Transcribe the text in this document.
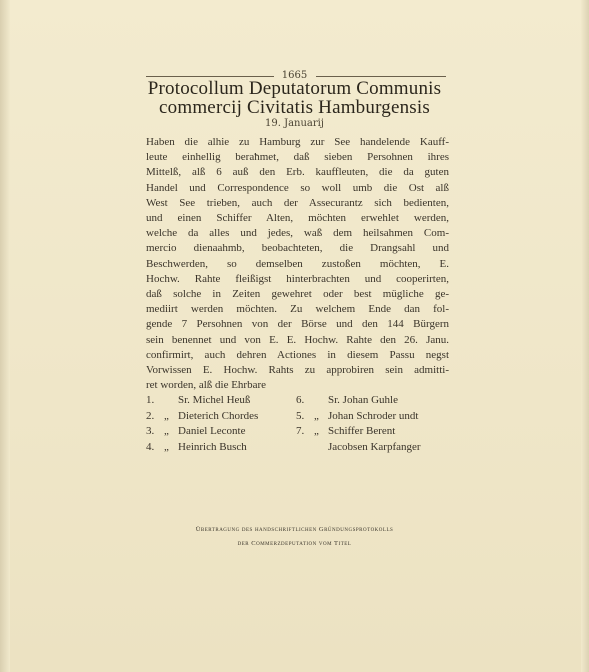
1665
Protocollum Deputatorum Communis
commercij Civitatis Hamburgensis
19. Januarij
Haben die alhie zu Hamburg zur See handelende Kauff-
leute einhellig beraħmet, daß sieben Persohnen ihres
Mittelß, alß 6 auß den Erb. kauffleuten, die da guten
Handel und Correspondence so woll umb die Ost alß
West See trieben, auch der Assecurantz sich bedienten,
und einen Schiffer Alten, möchten erwehlet werden,
welche da alles und jedes, waß dem heilsahmen Com-
mercio dienaahmb, beobachteten, die Drangsahl und
Beschwerden, so demselben zustoßen möchten, E.
Hochw. Rahte fleißigst hinterbrachten und cooperirten,
daß solche in Zeiten gewehret oder best mügliche ge-
mediirt werden möchten. Zu welchem Ende dan fol-
gende 7 Persohnen von der Börse und den 144 Bürgern
sein benennet und von E. E. Hochw. Rahte den 26. Janu.
confirmirt, auch dehren Actiones in diesem Passu negst
Vorwissen E. Hochw. Rahts zu approbiren sein admitti-
ret worden, alß die Ehrbare
1. Sr. Michel Heuß
2. „ Dieterich Chordes
3. „ Daniel Leconte
4. „ Heinrich Busch
6. Sr. Johan Guhle
5. „ Johan Schroder undt
7. „ Schiffer Berent
Jacobsen Karpfanger
Übertragung des handschriftlichen Gründungsprotokolls
der Commerzdeputation vom Titel
